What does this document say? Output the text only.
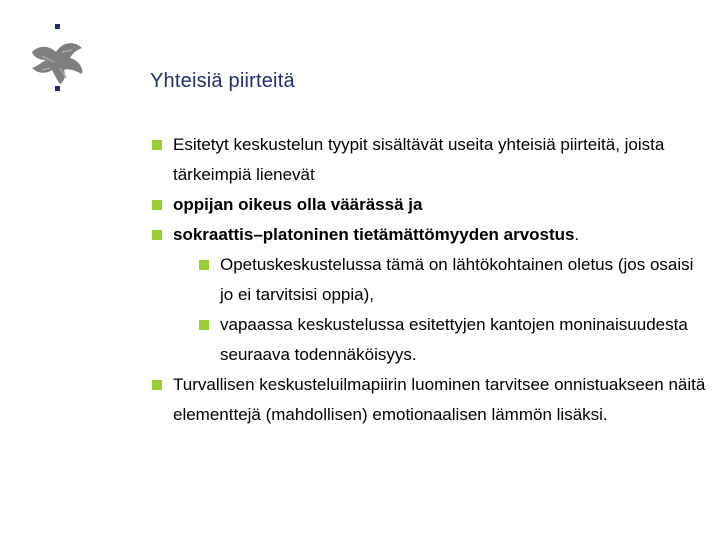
Yhteisiä piirteitä
Esitetyt keskustelun tyypit sisältävät useita yhteisiä piirteitä, joista tärkeimpiä lienevät
oppijan oikeus olla väärässä ja
sokraattis–platoninen tietämättömyyden arvostus.
Opetuskeskustelussa tämä on lähtökohtainen oletus (jos osaisi jo ei tarvitsisi oppia),
vapaassa keskustelussa esitettyjen kantojen moninaisuudesta seuraava todennäköisyys.
Turvallisen keskusteluilmapiirin luominen tarvitsee onnistuakseen näitä elementtejä (mahdollisen) emotionaalisen lämmön lisäksi.
